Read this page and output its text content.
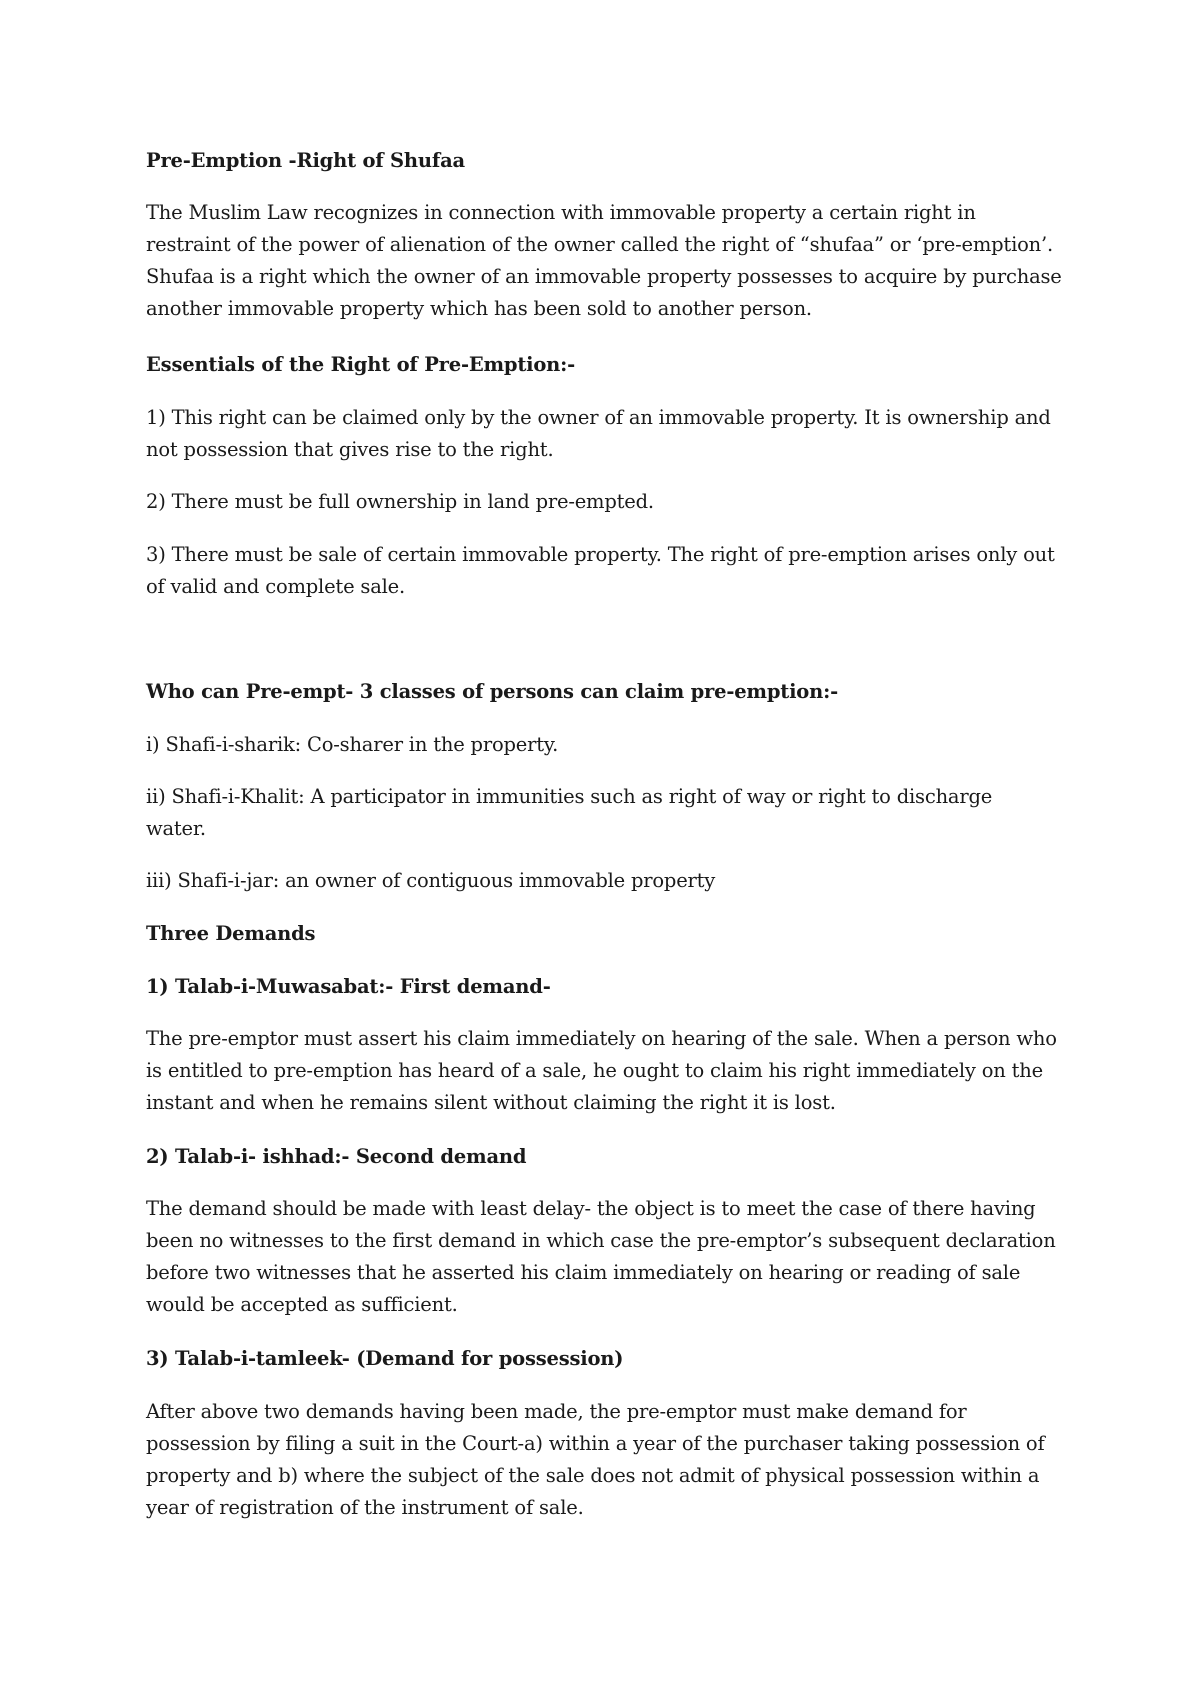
Pre-Emption -Right of Shufaa

The Muslim Law recognizes in connection with immovable property a certain right in
restraint of the power of alienation of the owner called the right of “shufaa” or ‘pre-emption’.
Shufaa is a right which the owner of an immovable property possesses to acquire by purchase
another immovable property which has been sold to another person.

Essentials of the Right of Pre-Emption:-

1) This right can be claimed only by the owner of an immovable property. It is ownership and
not possession that gives rise to the right.

2) There must be full ownership in land pre-empted.

3) There must be sale of certain immovable property. The right of pre-emption arises only out
of valid and complete sale.

Who can Pre-empt- 3 classes of persons can claim pre-emption:-

i) Shafi-i-sharik: Co-sharer in the property.

ii) Shafi-i-Khalit: A participator in immunities such as right of way or right to discharge
water.

iii) Shafi-i-jar: an owner of contiguous immovable property

Three Demands

1) Talab-i-Muwasabat:- First demand-

The pre-emptor must assert his claim immediately on hearing of the sale. When a person who
is entitled to pre-emption has heard of a sale, he ought to claim his right immediately on the
instant and when he remains silent without claiming the right it is lost.

2) Talab-i- ishhad:- Second demand

The demand should be made with least delay- the object is to meet the case of there having
been no witnesses to the first demand in which case the pre-emptor’s subsequent declaration
before two witnesses that he asserted his claim immediately on hearing or reading of sale
would be accepted as sufficient.

3) Talab-i-tamleek- (Demand for possession)

After above two demands having been made, the pre-emptor must make demand for
possession by filing a suit in the Court-a) within a year of the purchaser taking possession of
property and b) where the subject of the sale does not admit of physical possession within a
year of registration of the instrument of sale.
